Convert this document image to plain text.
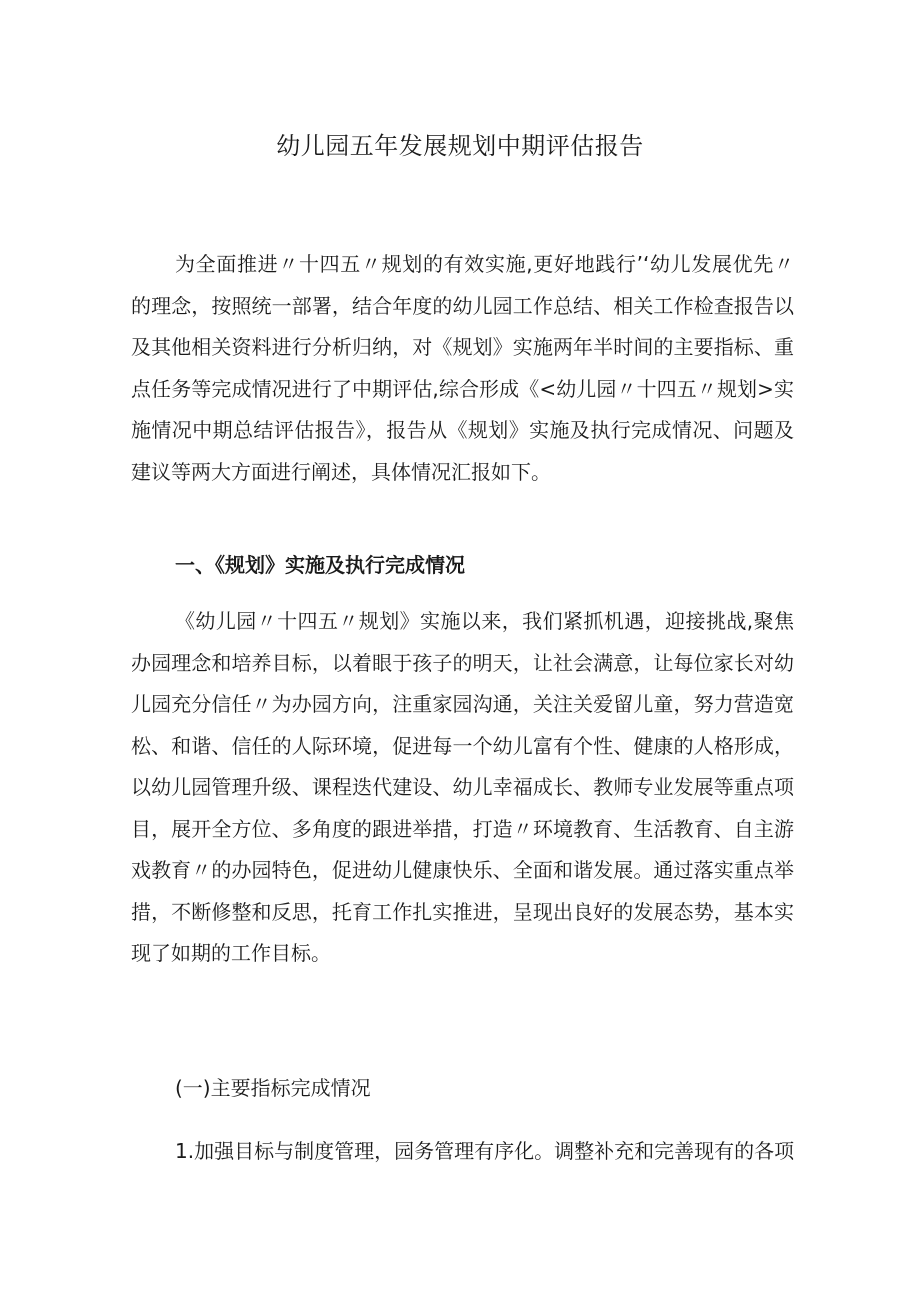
幼儿园五年发展规划中期评估报告
为全面推进〃十四五〃规划的有效实施,更好地践行’‘幼儿发展优先〃
的理念，按照统一部署，结合年度的幼儿园工作总结、相关工作检查报告以
及其他相关资料进行分析归纳，对《规划》实施两年半时间的主要指标、重
点任务等完成情况进行了中期评估,综合形成《<幼儿园〃十四五〃规划>实
施情况中期总结评估报告》，报告从《规划》实施及执行完成情况、问题及
建议等两大方面进行阐述，具体情况汇报如下。
一、《规划》实施及执行完成情况
《幼儿园〃十四五〃规划》实施以来，我们紧抓机遇，迎接挑战,聚焦
办园理念和培养目标，以着眼于孩子的明天，让社会满意，让每位家长对幼
儿园充分信任〃为办园方向，注重家园沟通，关注关爱留儿童，努力营造宽
松、和谐、信任的人际环境，促进每一个幼儿富有个性、健康的人格形成，
以幼儿园管理升级、课程迭代建设、幼儿幸福成长、教师专业发展等重点项
目，展开全方位、多角度的跟进举措，打造〃环境教育、生活教育、自主游
戏教育〃的办园特色，促进幼儿健康快乐、全面和谐发展。通过落实重点举
措，不断修整和反思，托育工作扎实推进，呈现出良好的发展态势，基本实
现了如期的工作目标。
(一)主要指标完成情况
1.加强目标与制度管理，园务管理有序化。调整补充和完善现有的各项
